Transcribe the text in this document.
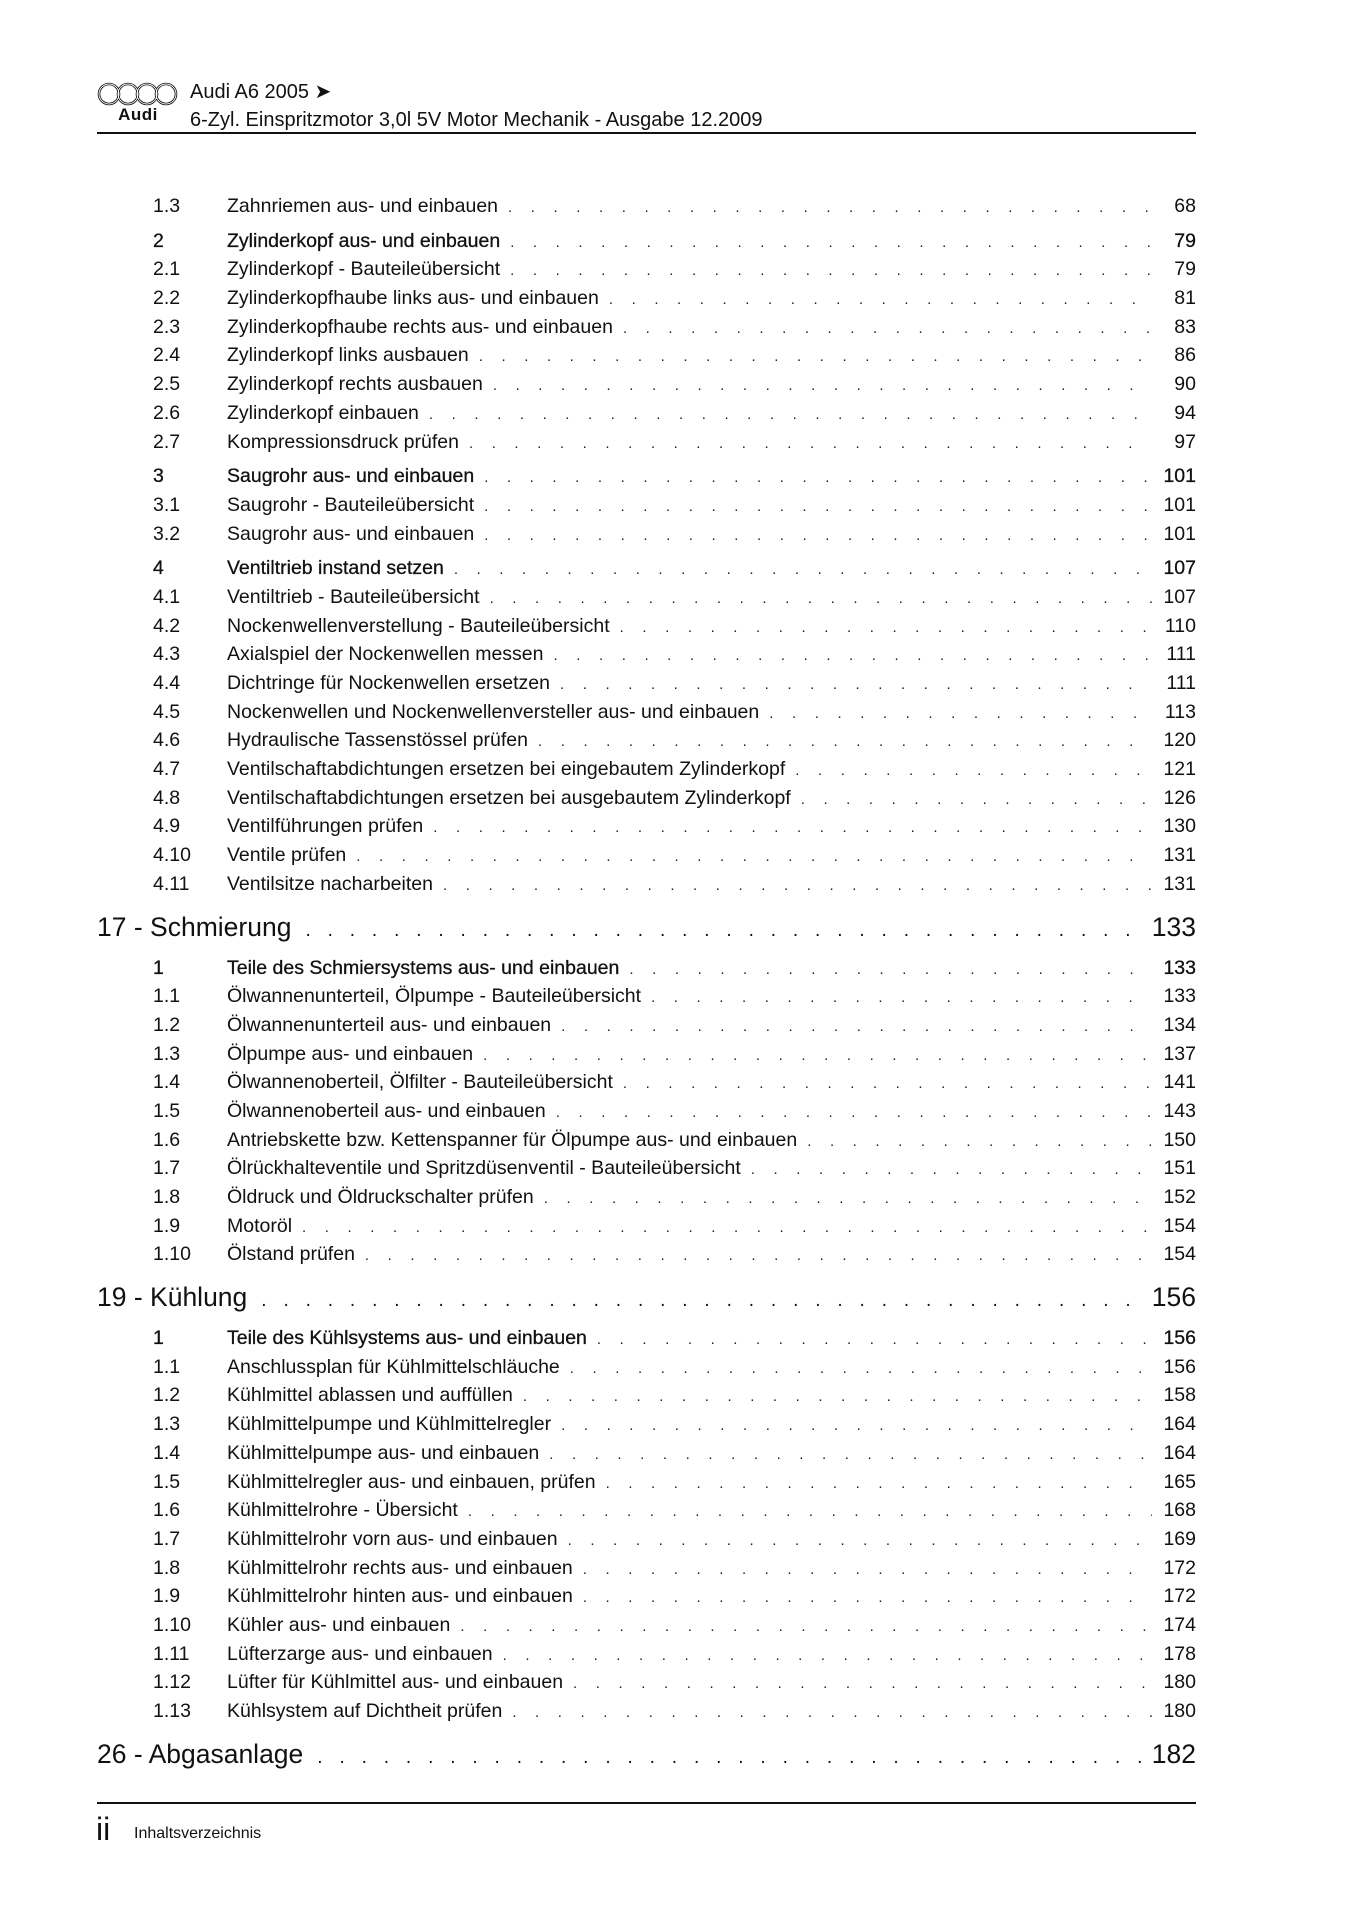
Audi
Audi A6 2005 ➤
6-Zyl. Einspritzmotor 3,0l 5V Motor Mechanik - Ausgabe 12.2009
1.3	Zahnriemen aus- und einbauen . . .	68
2	Zylinderkopf aus- und einbauen . . .	79
2.1	Zylinderkopf - Bauteileübersicht . . .	79
2.2	Zylinderkopfhaube links aus- und einbauen . . .	81
2.3	Zylinderkopfhaube rechts aus- und einbauen . . .	83
2.4	Zylinderkopf links ausbauen . . .	86
2.5	Zylinderkopf rechts ausbauen . . .	90
2.6	Zylinderkopf einbauen . . .	94
2.7	Kompressionsdruck prüfen . . .	97
3	Saugrohr aus- und einbauen . . .	101
3.1	Saugrohr - Bauteileübersicht . . .	101
3.2	Saugrohr aus- und einbauen . . .	101
4	Ventiltrieb instand setzen . . .	107
4.1	Ventiltrieb - Bauteileübersicht . . .	107
4.2	Nockenwellenverstellung - Bauteileübersicht . . .	110
4.3	Axialspiel der Nockenwellen messen . . .	111
4.4	Dichtringe für Nockenwellen ersetzen . . .	111
4.5	Nockenwellen und Nockenwellenversteller aus- und einbauen . . .	113
4.6	Hydraulische Tassenstössel prüfen . . .	120
4.7	Ventilschaftabdichtungen ersetzen bei eingebautem Zylinderkopf . . .	121
4.8	Ventilschaftabdichtungen ersetzen bei ausgebautem Zylinderkopf . . .	126
4.9	Ventilführungen prüfen . . .	130
4.10	Ventile prüfen . . .	131
4.11	Ventilsitze nacharbeiten . . .	131
17 - Schmierung . . .	133
1	Teile des Schmiersystems aus- und einbauen . . .	133
1.1	Ölwannenunterteil, Ölpumpe - Bauteileübersicht . . .	133
1.2	Ölwannenunterteil aus- und einbauen . . .	134
1.3	Ölpumpe aus- und einbauen . . .	137
1.4	Ölwannenoberteil, Ölfilter - Bauteileübersicht . . .	141
1.5	Ölwannenoberteil aus- und einbauen . . .	143
1.6	Antriebskette bzw. Kettenspanner für Ölpumpe aus- und einbauen . . .	150
1.7	Ölrückhalteventile und Spritzdüsenventil - Bauteileübersicht . . .	151
1.8	Öldruck und Öldruckschalter prüfen . . .	152
1.9	Motoröl . . .	154
1.10	Ölstand prüfen . . .	154
19 - Kühlung . . .	156
1	Teile des Kühlsystems aus- und einbauen . . .	156
1.1	Anschlussplan für Kühlmittelschläuche . . .	156
1.2	Kühlmittel ablassen und auffüllen . . .	158
1.3	Kühlmittelpumpe und Kühlmittelregler . . .	164
1.4	Kühlmittelpumpe aus- und einbauen . . .	164
1.5	Kühlmittelregler aus- und einbauen, prüfen . . .	165
1.6	Kühlmittelrohre - Übersicht . . .	168
1.7	Kühlmittelrohr vorn aus- und einbauen . . .	169
1.8	Kühlmittelrohr rechts aus- und einbauen . . .	172
1.9	Kühlmittelrohr hinten aus- und einbauen . . .	172
1.10	Kühler aus- und einbauen . . .	174
1.11	Lüfterzarge aus- und einbauen . . .	178
1.12	Lüfter für Kühlmittel aus- und einbauen . . .	180
1.13	Kühlsystem auf Dichtheit prüfen . . .	180
26 - Abgasanlage . . .	182
ii Inhaltsverzeichnis
